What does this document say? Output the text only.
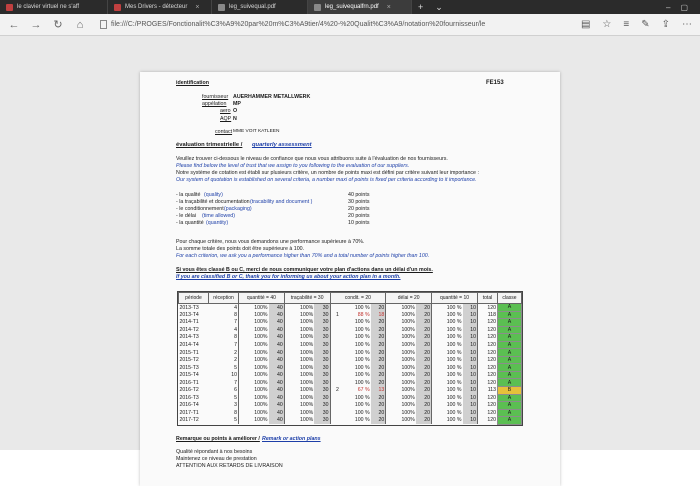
le clavier virtuel ne s'aff	Mes Drivers - détecteur ×	leg_suivequal.pdf	leg_suivequalfrn.pdf ×	+	⌄	– ▢
← → ↻ ⌂	file:///C:/PROGES/Fonctionalit%C3%A9%20par%20m%C3%A9tier/4%20-%20Qualit%C3%A9/notation%20fournisseur/le	▤ ☆ ≡ ✎ ⇪ ⋯
identification	FE153
fournisseur AUERHAMMER METALLWERK
appélation MP
aero O
AQP N
contact MME VOIT KATLEEN
évaluation trimestrielle / quarterly assessment
Veuillez trouver ci-dessous le niveau de confiance que nous vous attribuons suite à l'évaluation de nos fournisseurs.
Please find below the level of trust that we assign to you following to the evaluation of our suppliers.
Notre système de cotation est établi sur plusieurs critère, un nombre de points maxi est défini par critère suivant leur importance :
Our system of quotation is established on several criteria, a number maxi of points is fixed per criteria according to it importance.
- la qualité (quality)	40 points
- la traçabilité et documentation (tracability and document )	30 points
- le conditionnement (packaging)	20 points
- le délai (time allowed)	20 points
- la quantité (quantity)	10 points
Pour chaque critère, nous vous demandons une performance supérieure à 70%.
La somme totale des points doit être supérieure à 100.
For each criterion, we ask you a performance higher than 70% and a total number of points higher than 100.
Si vous êtes classé B ou C, merci de nous communiquer votre plan d'actions dans un délai d'un mois.
If you are classified B or C, thank you for informing us about your action plan in a month.
période	réception	quantité = 40		traçabilité = 30		condit. = 20			délai = 20		quantité = 10		total	classe
2013-T3	4	100%	40	100%	30		100 %	20	100%	20	100 %	10	120	A
2013-T4	8	100%	40	100%	30	1	88 %	18	100%	20	100 %	10	118	A
2014-T1	7	100%	40	100%	30		100 %	20	100%	20	100 %	10	120	A
2014-T2	4	100%	40	100%	30		100 %	20	100%	20	100 %	10	120	A
2014-T3	8	100%	40	100%	30		100 %	20	100%	20	100 %	10	120	A
2014-T4	7	100%	40	100%	30		100 %	20	100%	20	100 %	10	120	A
2015-T1	2	100%	40	100%	30		100 %	20	100%	20	100 %	10	120	A
2015-T2	2	100%	40	100%	30		100 %	20	100%	20	100 %	10	120	A
2015-T3	5	100%	40	100%	30		100 %	20	100%	20	100 %	10	120	A
2015-T4	10	100%	40	100%	30		100 %	20	100%	20	100 %	10	120	A
2016-T1	7	100%	40	100%	30		100 %	20	100%	20	100 %	10	120	A
2016-T2	6	100%	40	100%	30	2	67 %	13	100%	20	100 %	10	113	B
2016-T3	5	100%	40	100%	30		100 %	20	100%	20	100 %	10	120	A
2016-T4	3	100%	40	100%	30		100 %	20	100%	20	100 %	10	120	A
2017-T1	8	100%	40	100%	30		100 %	20	100%	20	100 %	10	120	A
2017-T2	5	100%	40	100%	30		100 %	20	100%	20	100 %	10	120	A
Remarque ou points à améliorer / Remark or action plans
Qualité répondant à nos besoins
Maintenez ce niveau de prestation
ATTENTION AUX RETARDS DE LIVRAISON
